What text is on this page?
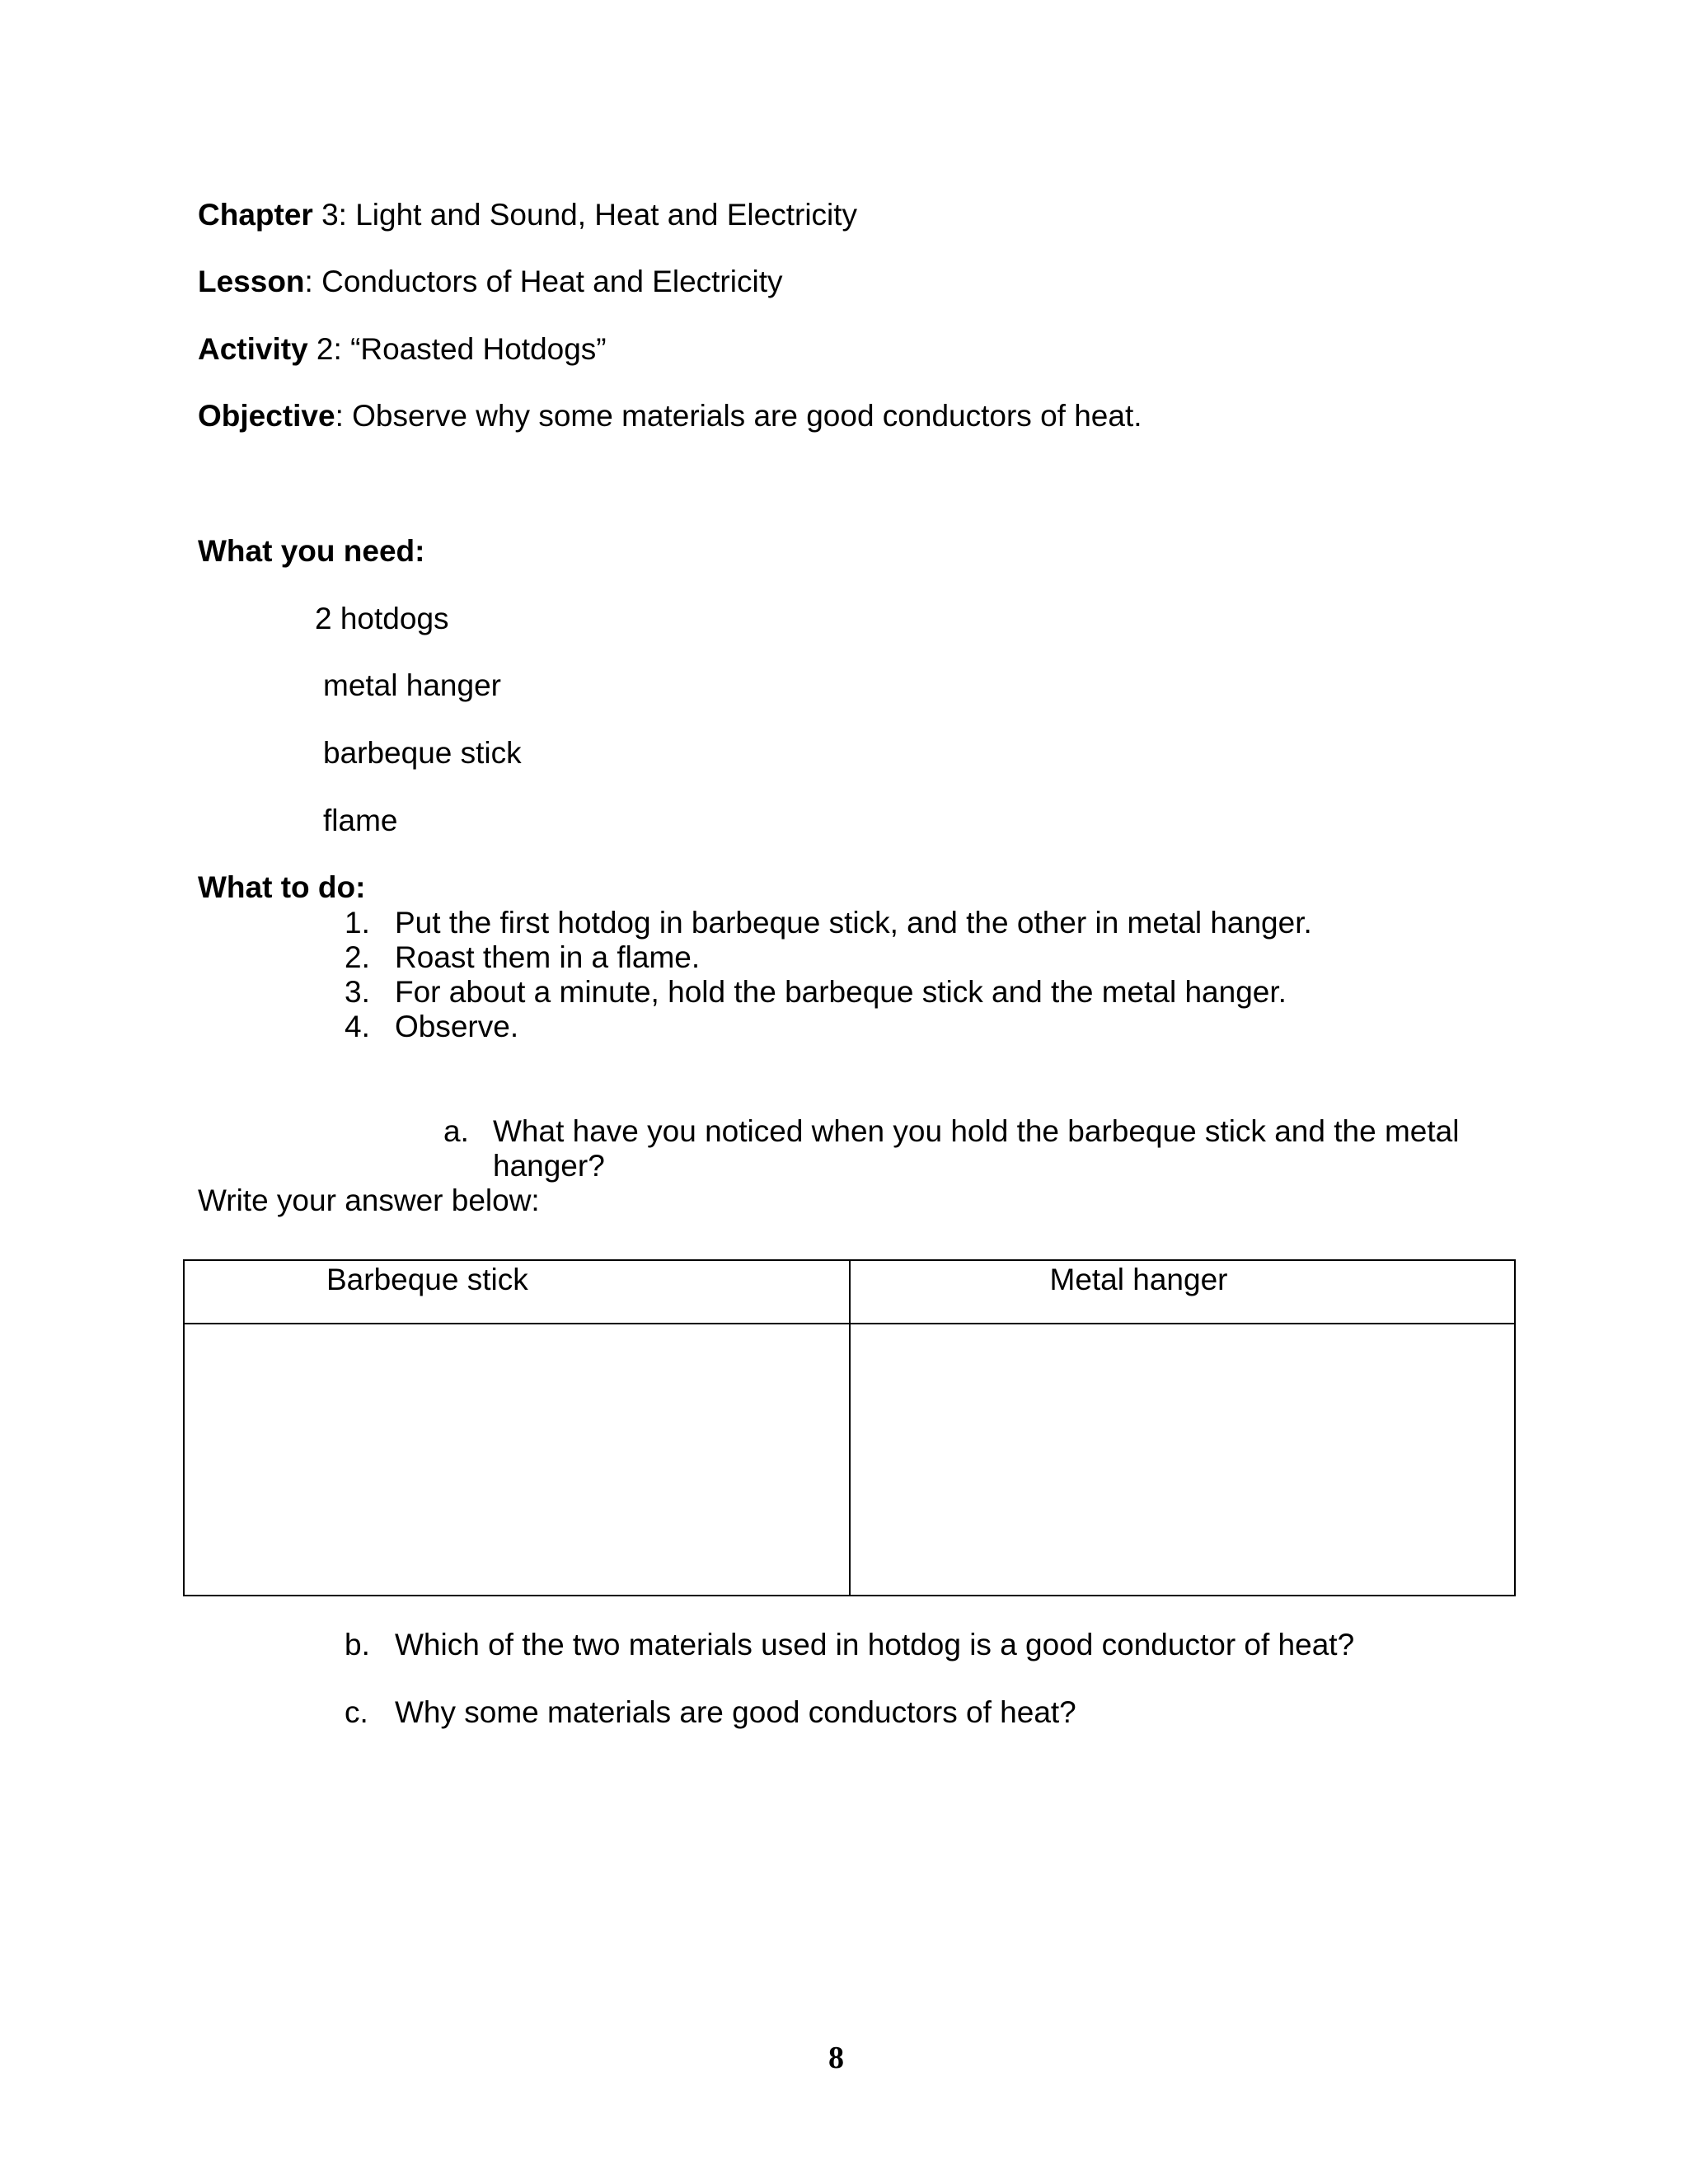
Chapter 3: Light and Sound, Heat and Electricity
Lesson: Conductors of Heat and Electricity
Activity 2: “Roasted Hotdogs”
Objective: Observe why some materials are good conductors of heat.
What you need:
2 hotdogs
metal hanger
barbeque stick
flame
What to do:
1. Put the first hotdog in barbeque stick, and the other in metal hanger.
2. Roast them in a flame.
3. For about a minute, hold the barbeque stick and the metal hanger.
4. Observe.
a. What have you noticed when you hold the barbeque stick and the metal
hanger?
Write your answer below:
Barbeque stick	Metal hanger

b. Which of the two materials used in hotdog is a good conductor of heat?
c. Why some materials are good conductors of heat?
8
